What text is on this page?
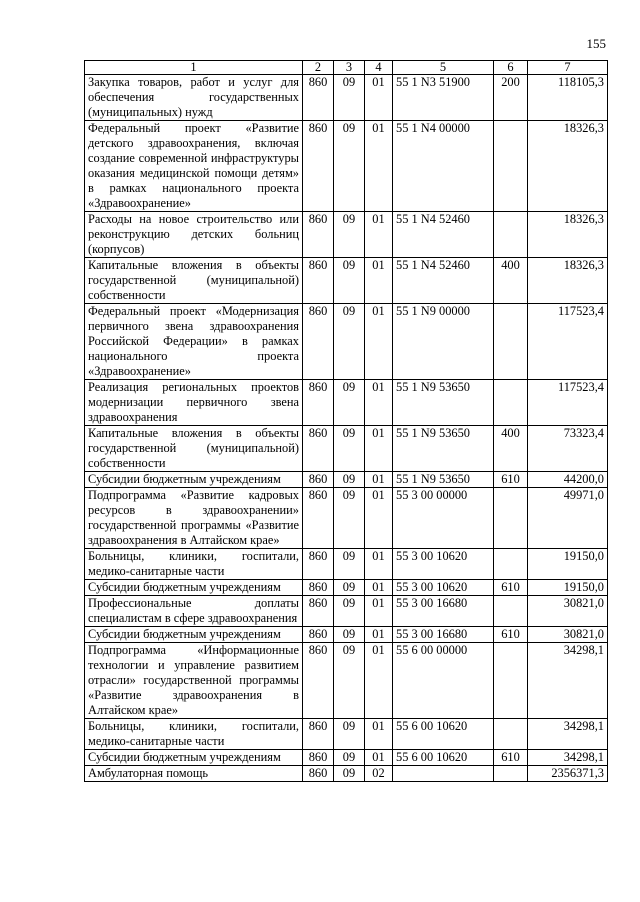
155
1	2	3	4	5	6	7
Закупка товаров, работ и услуг для обеспечения государственных (муниципальных) нужд	860	09	01	55 1 N3 51900	200	118105,3
Федеральный проект «Развитие детского здравоохранения, включая создание современной инфраструктуры оказания медицинской помощи детям» в рамках национального проекта «Здравоохранение»	860	09	01	55 1 N4 00000		18326,3
Расходы на новое строительство или реконструкцию детских больниц (корпусов)	860	09	01	55 1 N4 52460		18326,3
Капитальные вложения в объекты государственной (муниципальной) собственности	860	09	01	55 1 N4 52460	400	18326,3
Федеральный проект «Модернизация первичного звена здравоохранения Российской Федерации» в рамках национального проекта «Здравоохранение»	860	09	01	55 1 N9 00000		117523,4
Реализация региональных проектов модернизации первичного звена здравоохранения	860	09	01	55 1 N9 53650		117523,4
Капитальные вложения в объекты государственной (муниципальной) собственности	860	09	01	55 1 N9 53650	400	73323,4
Субсидии бюджетным учреждениям	860	09	01	55 1 N9 53650	610	44200,0
Подпрограмма «Развитие кадровых ресурсов в здравоохранении» государственной программы «Развитие здравоохранения в Алтайском крае»	860	09	01	55 3 00 00000		49971,0
Больницы, клиники, госпитали, медико-санитарные части	860	09	01	55 3 00 10620		19150,0
Субсидии бюджетным учреждениям	860	09	01	55 3 00 10620	610	19150,0
Профессиональные доплаты специалистам в сфере здравоохранения	860	09	01	55 3 00 16680		30821,0
Субсидии бюджетным учреждениям	860	09	01	55 3 00 16680	610	30821,0
Подпрограмма «Информационные технологии и управление развитием отрасли» государственной программы «Развитие здравоохранения в Алтайском крае»	860	09	01	55 6 00 00000		34298,1
Больницы, клиники, госпитали, медико-санитарные части	860	09	01	55 6 00 10620		34298,1
Субсидии бюджетным учреждениям	860	09	01	55 6 00 10620	610	34298,1
Амбулаторная помощь	860	09	02			2356371,3
